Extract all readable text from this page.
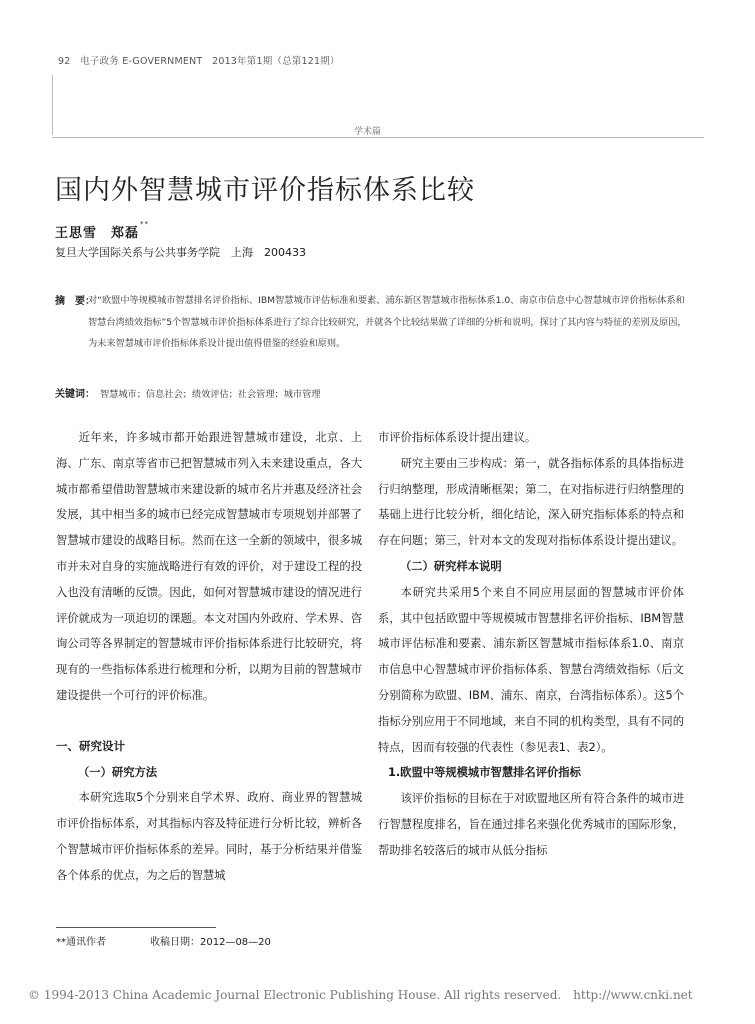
92　电子政务 E-GOVERNMENT　2013年第1期（总第121期）
学术篇
国内外智慧城市评价指标体系比较
王思雪　郑磊**
复旦大学国际关系与公共事务学院　上海　200433
摘　要：
对“欧盟中等规模城市智慧排名评价指标、IBM智慧城市评估标准和要素、浦东新区智慧城市指标体系1.0、南京市信息中心智慧城市评价指标体系和智慧台湾绩效指标”5个智慧城市评价指标体系进行了综合比较研究，并就各个比较结果做了详细的分析和说明，探讨了其内容与特征的差别及原因，为未来智慧城市评价指标体系设计提出值得借鉴的经验和原则。
关键词： 智慧城市；信息社会；绩效评估；社会管理；城市管理

近年来，许多城市都开始跟进智慧城市建设，北京、上海、广东、南京等省市已把智慧城市列入未来建设重点，各大城市都希望借助智慧城市来建设新的城市名片并惠及经济社会发展，其中相当多的城市已经完成智慧城市专项规划并部署了智慧城市建设的战略目标。然而在这一全新的领域中，很多城市并未对自身的实施战略进行有效的评价，对于建设工程的投入也没有清晰的反馈。因此，如何对智慧城市建设的情况进行评价就成为一项迫切的课题。本文对国内外政府、学术界、咨询公司等各界制定的智慧城市评价指标体系进行比较研究，将现有的一些指标体系进行梳理和分析，以期为目前的智慧城市建设提供一个可行的评价标准。

一、研究设计

（一）研究方法

本研究选取5个分别来自学术界、政府、商业界的智慧城市评价指标体系，对其指标内容及特征进行分析比较，辨析各个智慧城市评价指标体系的差异。同时，基于分析结果并借鉴各个体系的优点，为之后的智慧城

市评价指标体系设计提出建议。

研究主要由三步构成：第一，就各指标体系的具体指标进行归纳整理，形成清晰框架；第二，在对指标进行归纳整理的基础上进行比较分析，细化结论，深入研究指标体系的特点和存在问题；第三，针对本文的发现对指标体系设计提出建议。

（二）研究样本说明

本研究共采用5个来自不同应用层面的智慧城市评价体系，其中包括欧盟中等规模城市智慧排名评价指标、IBM智慧城市评估标准和要素、浦东新区智慧城市指标体系1.0、南京市信息中心智慧城市评价指标体系、智慧台湾绩效指标（后文分别简称为欧盟、IBM、浦东、南京，台湾指标体系）。这5个指标分别应用于不同地域，来自不同的机构类型，具有不同的特点，因而有较强的代表性（参见表1、表2）。

1.欧盟中等规模城市智慧排名评价指标

该评价指标的目标在于对欧盟地区所有符合条件的城市进行智慧程度排名，旨在通过排名来强化优秀城市的国际形象，帮助排名较落后的城市从低分指标

**通讯作者	收稿日期：2012—08—20
© 1994-2013 China Academic Journal Electronic Publishing House. All rights reserved. http://www.cnki.net
